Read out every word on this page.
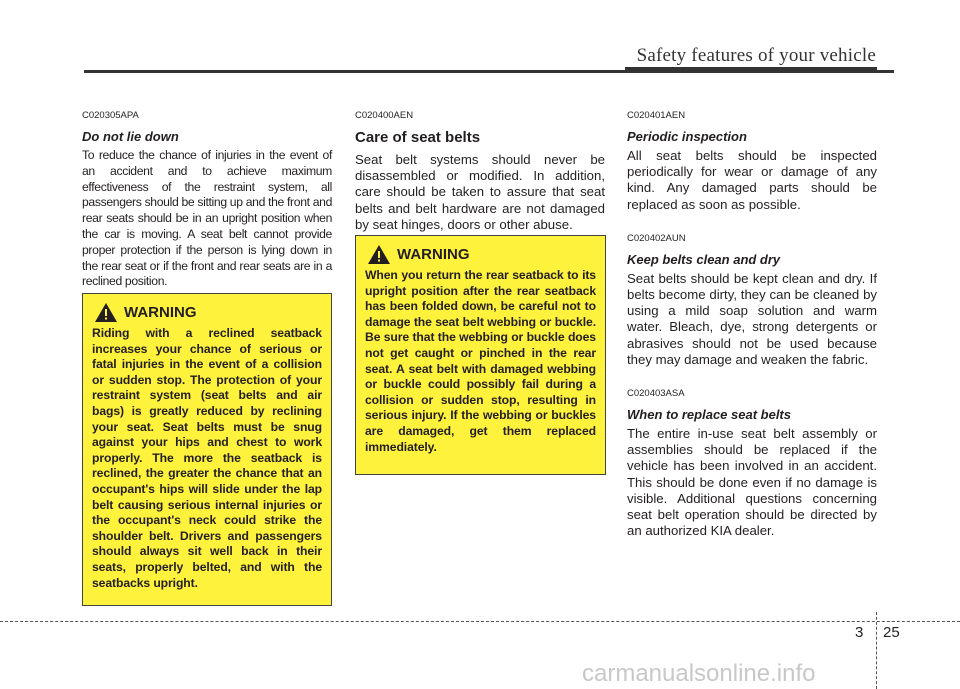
Safety features of your vehicle

C020305APA

Do not lie down

To reduce the chance of injuries in the event of an accident and to achieve maximum effectiveness of the restraint system, all passengers should be sitting up and the front and rear seats should be in an upright position when the car is moving. A seat belt cannot provide proper protection if the person is lying down in the rear seat or if the front and rear seats are in a reclined position.

WARNING

Riding with a reclined seatback increases your chance of serious or fatal injuries in the event of a collision or sudden stop. The protection of your restraint system (seat belts and air bags) is greatly reduced by reclining your seat. Seat belts must be snug against your hips and chest to work properly. The more the seatback is reclined, the greater the chance that an occupant's hips will slide under the lap belt causing serious internal injuries or the occupant's neck could strike the shoulder belt. Drivers and passengers should always sit well back in their seats, properly belted, and with the seatbacks upright.

C020400AEN

Care of seat belts

Seat belt systems should never be disassembled or modified. In addition, care should be taken to assure that seat belts and belt hardware are not damaged by seat hinges, doors or other abuse.

WARNING

When you return the rear seatback to its upright position after the rear seatback has been folded down, be careful not to damage the seat belt webbing or buckle. Be sure that the webbing or buckle does not get caught or pinched in the rear seat. A seat belt with damaged webbing or buckle could possibly fail during a collision or sudden stop, resulting in serious injury. If the webbing or buckles are damaged, get them replaced immediately.

C020401AEN

Periodic inspection

All seat belts should be inspected periodically for wear or damage of any kind. Any damaged parts should be replaced as soon as possible.

C020402AUN

Keep belts clean and dry

Seat belts should be kept clean and dry. If belts become dirty, they can be cleaned by using a mild soap solution and warm water. Bleach, dye, strong detergents or abrasives should not be used because they may damage and weaken the fabric.

C020403ASA

When to replace seat belts

The entire in-use seat belt assembly or assemblies should be replaced if the vehicle has been involved in an accident. This should be done even if no damage is visible. Additional questions concerning seat belt operation should be directed by an authorized KIA dealer.

3 25
carmanualsonline.info
